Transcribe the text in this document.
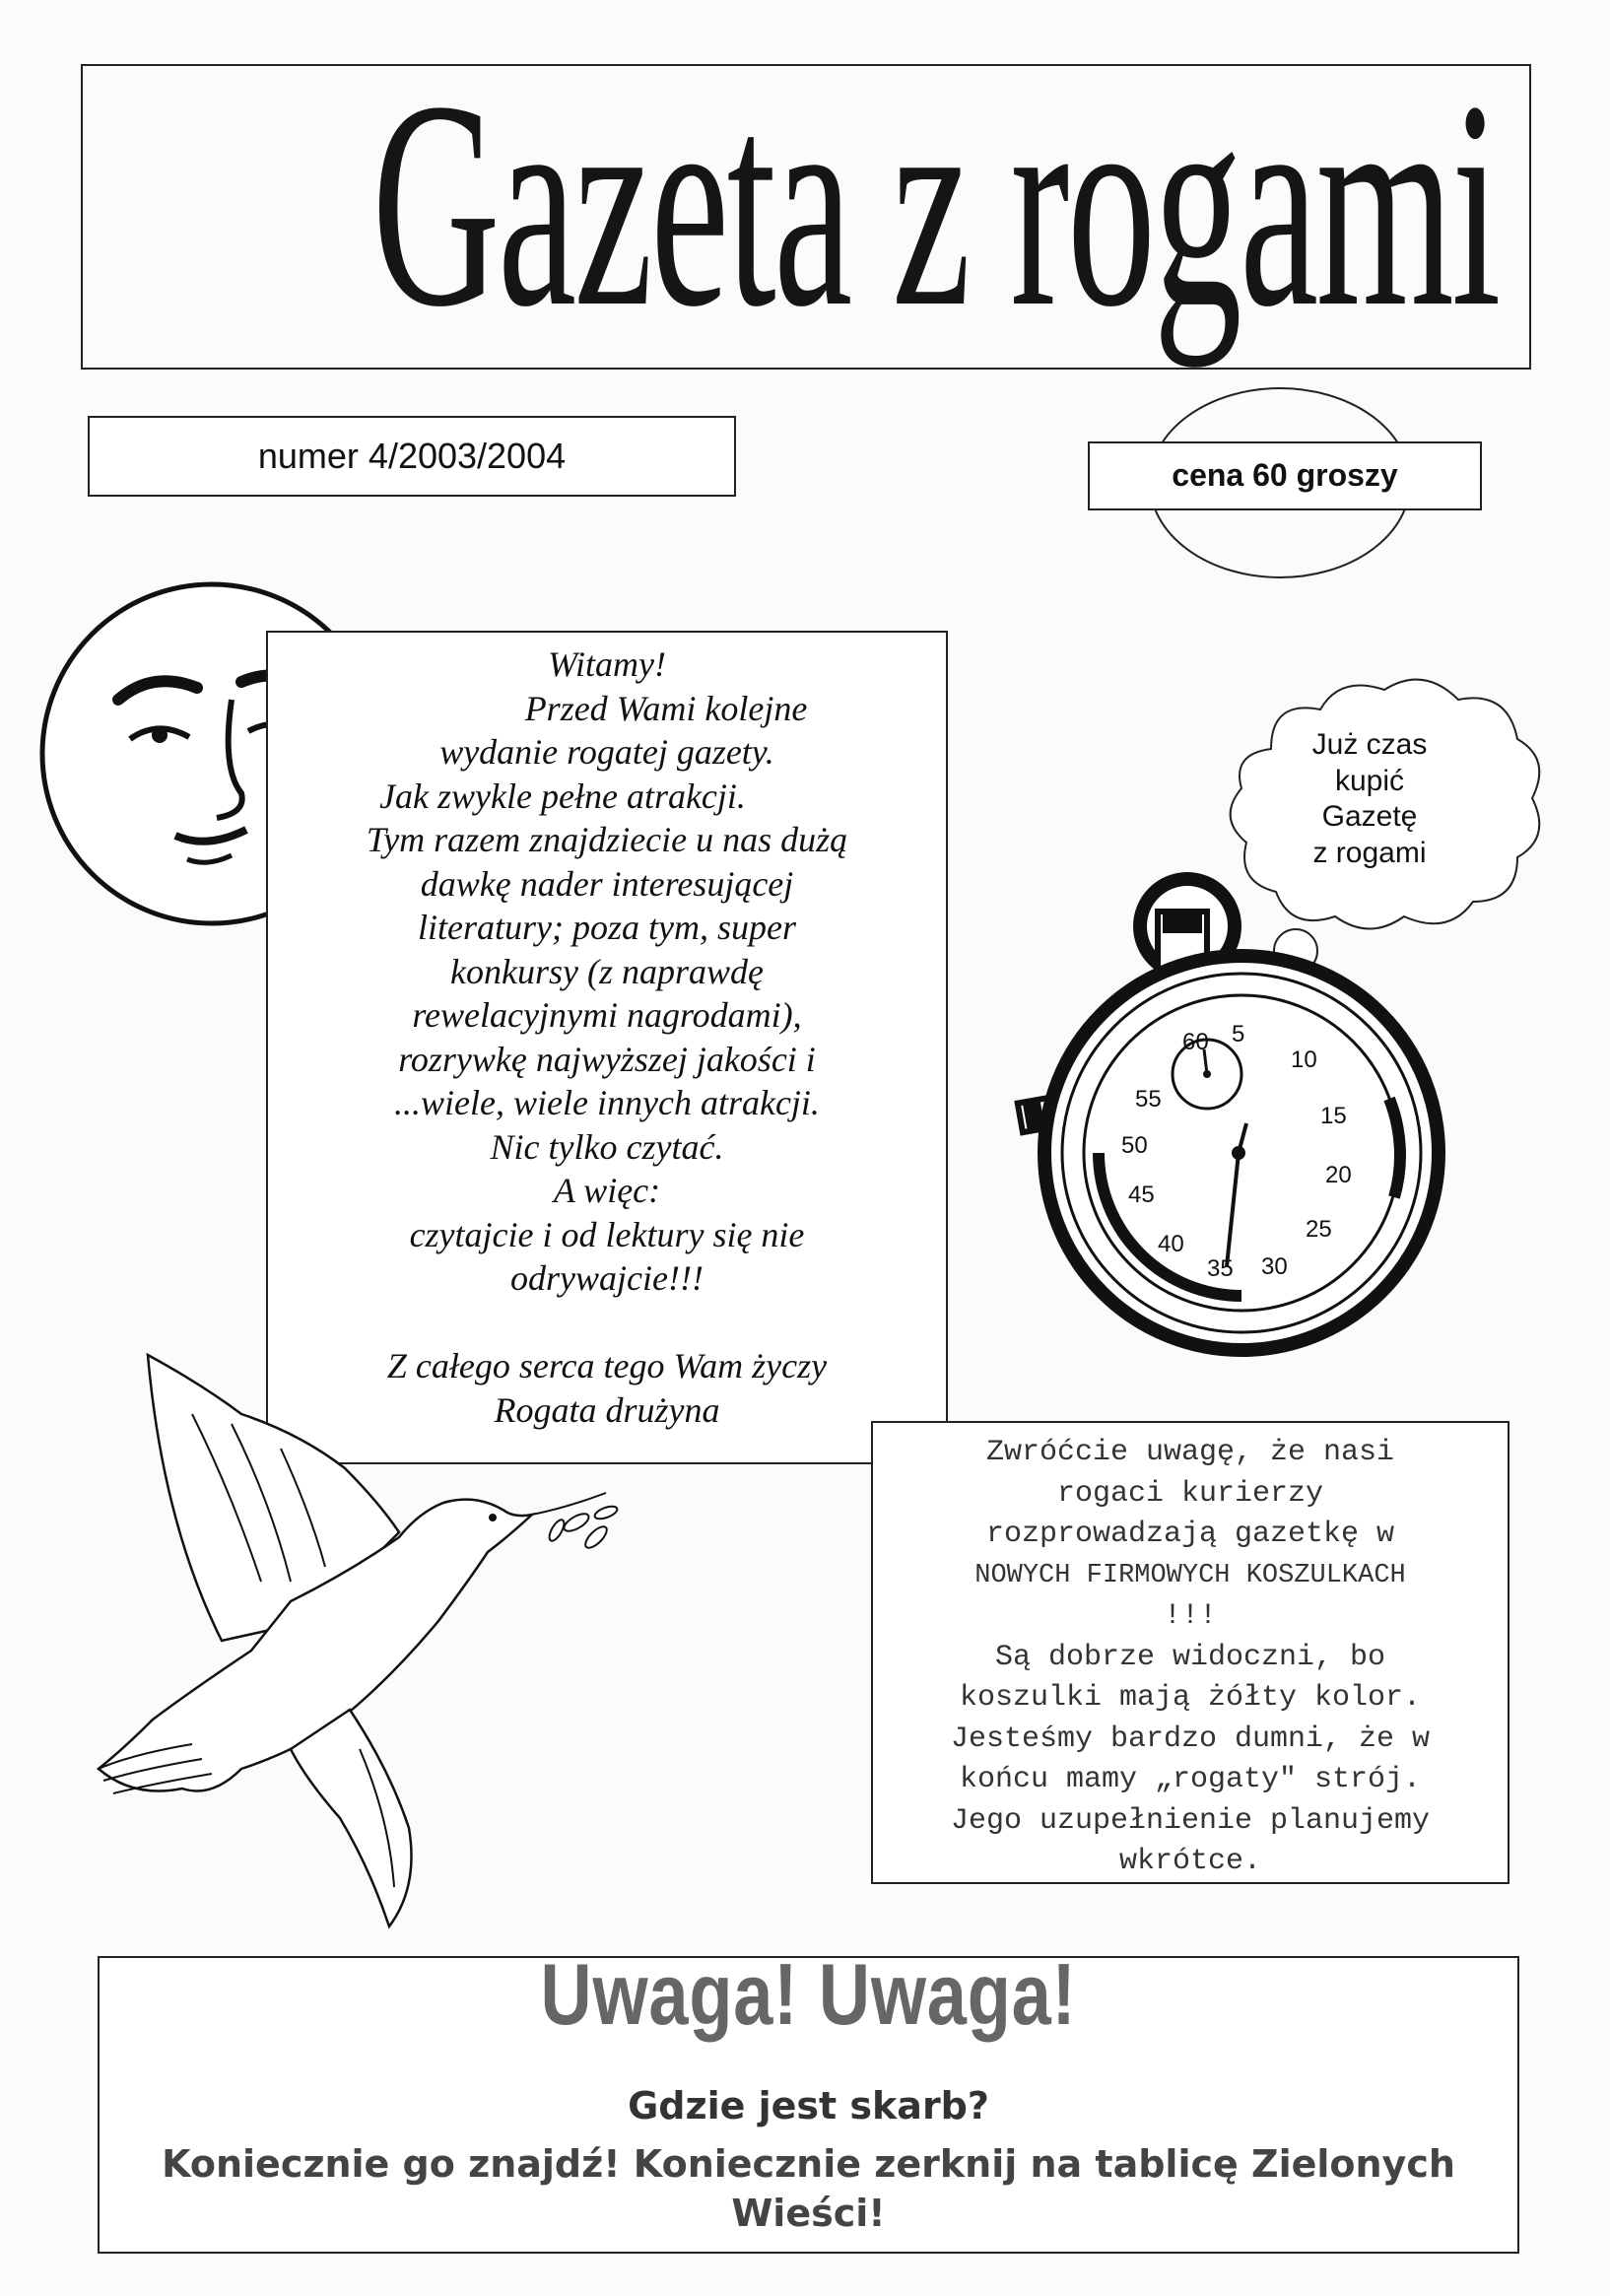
Gazeta z rogami
numer 4/2003/2004	cena 60 groszy
Witamy!
Przed Wami kolejne
wydanie rogatej gazety.
Jak zwykle pełne atrakcji.
Tym razem znajdziecie u nas dużą
dawkę nader interesującej
literatury; poza tym, super
konkursy (z naprawdę
rewelacyjnymi nagrodami),
rozrywkę najwyższej jakości i
...wiele, wiele innych atrakcji.
Nic tylko czytać.
A więc:
czytajcie i od lektury się nie
odrywajcie!!!

Z całego serca tego Wam życzy
Rogata drużyna
Już czas
kupić
Gazetę
z rogami
60 5
10
15
20
25
30
35
40
45
50
55
Zwróćcie uwagę, że nasi
rogaci kurierzy
rozprowadzają gazetkę w
NOWYCH FIRMOWYCH KOSZULKACH
!!!
Są dobrze widoczni, bo
koszulki mają żółty kolor.
Jesteśmy bardzo dumni, że w
końcu mamy „rogaty" strój.
Jego uzupełnienie planujemy
wkrótce.
Uwaga! Uwaga!
Gdzie jest skarb?
Koniecznie go znajdź! Koniecznie zerknij na tablicę Zielonych Wieści!
